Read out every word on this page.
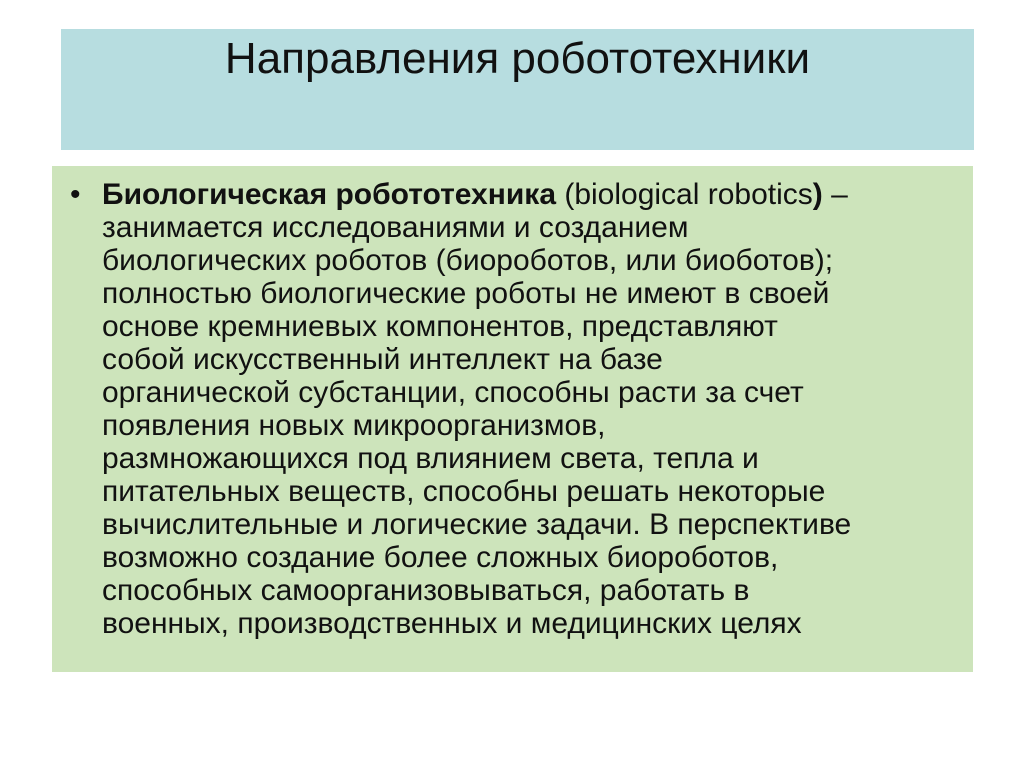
Направления робототехники
• Биологическая робототехника (biological robotics) –
занимается исследованиями и созданием
биологических роботов (биороботов, или биоботов);
полностью биологические роботы не имеют в своей
основе кремниевых компонентов, представляют
собой искусственный интеллект на базе
органической субстанции, способны расти за счет
появления новых микроорганизмов,
размножающихся под влиянием света, тепла и
питательных веществ, способны решать некоторые
вычислительные и логические задачи. В перспективе
возможно создание более сложных биороботов,
способных самоорганизовываться, работать в
военных, производственных и медицинских целях
